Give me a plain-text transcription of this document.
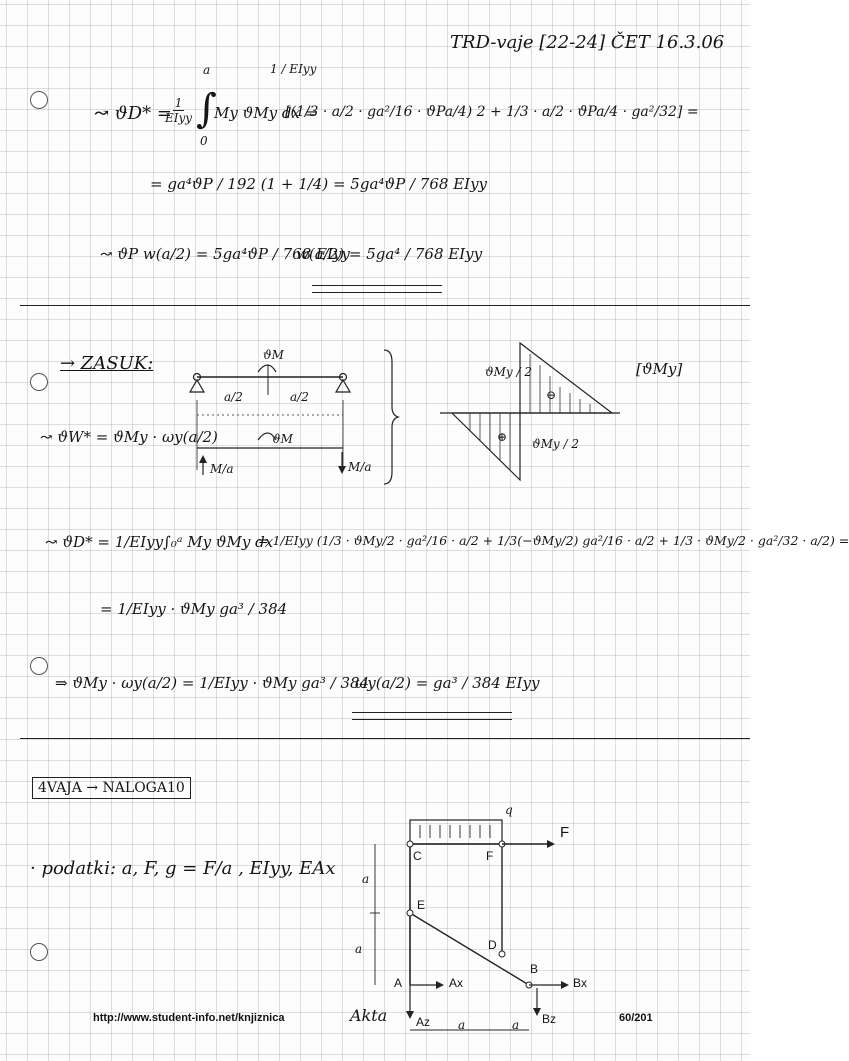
TRD-vaje [22-24] ČET 16.3.06
↝ 𝜗D* = 1
EIyy ∫
a
0
My 𝜗My dx =
1 / EIyy
[(1/3 · a/2 · ga²/16 · 𝜗Pa/4) 2 + 1/3 · a/2 · 𝜗Pa/4 · ga²/32] =
= ga⁴𝜗P / 192 (1 + 1/4) = 5ga⁴𝜗P / 768 EIyy
↝ 𝜗P w(a/2) = 5ga⁴𝜗P / 768 EIyy
w(a/2) = 5ga⁴ / 768 EIyy
→ ZASUK:
↝ 𝜗W* = 𝜗My · ωy(a/2)
𝜗M
a/2	a/2
𝜗M
M/a	M/a
[𝜗My]
𝜗My / 2
𝜗My / 2
⊖
⊕
↝ 𝜗D* = 1/EIyy ∫₀ᵃ My 𝜗My dx
= 1/EIyy (1/3 · 𝜗My/2 · ga²/16 · a/2 + 1/3(−𝜗My/2) ga²/16 · a/2 + 1/3 · 𝜗My/2 · ga²/32 · a/2) =
= 1/EIyy · 𝜗My ga³ / 384
⇒ 𝜗My · ωy(a/2) = 1/EIyy · 𝜗My ga³ / 384
ωy(a/2) = ga³ / 384 EIyy
4VAJA → NALOGA10
· podatki: a, F, g = F/a , EIyy, EAx
C	F
E
D
A
B
q
F
Ax
Az
Bx
Bz
a
a
a	a
http://www.student-info.net/knjiznica	Akta	60/201
